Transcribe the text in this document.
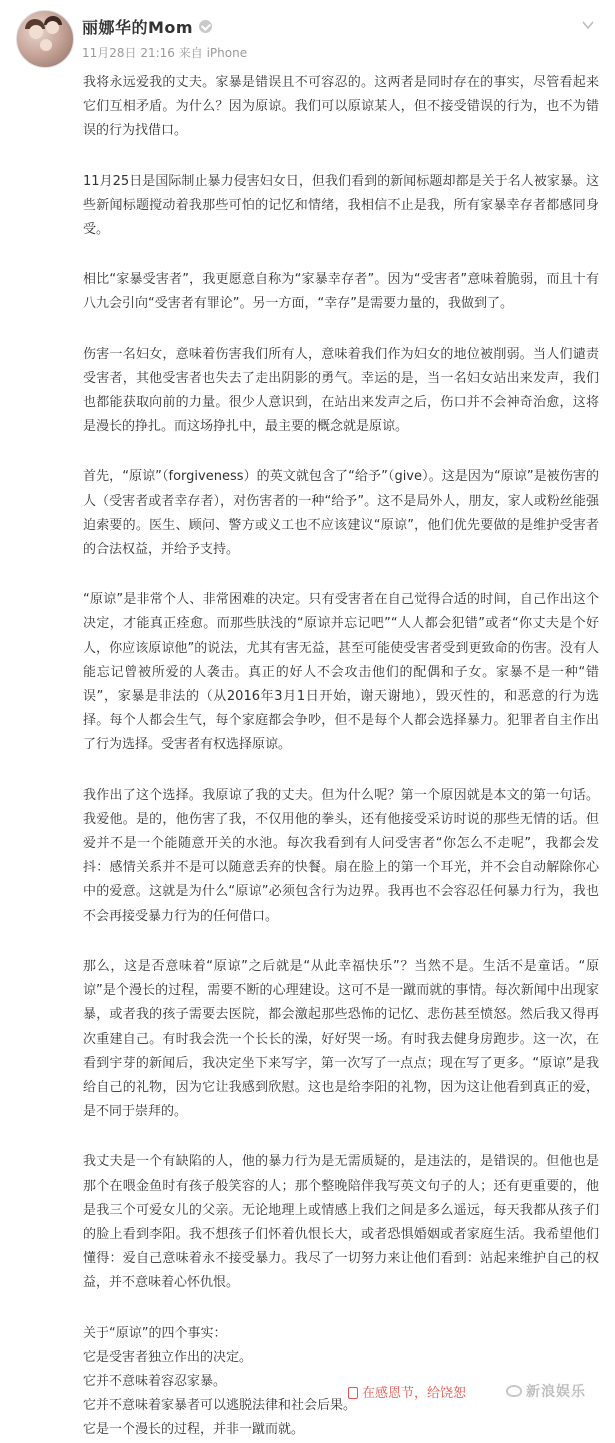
丽娜华的Mom
11月28日 21:16 来自 iPhone

我将永远爱我的丈夫。家暴是错误且不可容忍的。这两者是同时存在的事实，尽管看起来它们互相矛盾。为什么？因为原谅。我们可以原谅某人，但不接受错误的行为，也不为错误的行为找借口。

11月25日是国际制止暴力侵害妇女日，但我们看到的新闻标题却都是关于名人被家暴。这些新闻标题搅动着我那些可怕的记忆和情绪，我相信不止是我，所有家暴幸存者都感同身受。

相比“家暴受害者”，我更愿意自称为“家暴幸存者”。因为“受害者”意味着脆弱，而且十有八九会引向“受害者有罪论”。另一方面，“幸存”是需要力量的，我做到了。

伤害一名妇女，意味着伤害我们所有人，意味着我们作为妇女的地位被削弱。当人们谴责受害者，其他受害者也失去了走出阴影的勇气。幸运的是，当一名妇女站出来发声，我们也都能获取向前的力量。很少人意识到，在站出来发声之后，伤口并不会神奇治愈，这将是漫长的挣扎。而这场挣扎中，最主要的概念就是原谅。

首先，“原谅”（forgiveness）的英文就包含了“给予”（give）。这是因为“原谅”是被伤害的人（受害者或者幸存者），对伤害者的一种“给予”。这不是局外人，朋友，家人或粉丝能强迫索要的。医生、顾问、警方或义工也不应该建议“原谅”，他们优先要做的是维护受害者的合法权益，并给予支持。

“原谅”是非常个人、非常困难的决定。只有受害者在自己觉得合适的时间，自己作出这个决定，才能真正痊愈。而那些肤浅的“原谅并忘记吧”“人人都会犯错”或者“你丈夫是个好人，你应该原谅他”的说法，尤其有害无益，甚至可能使受害者受到更致命的伤害。没有人能忘记曾被所爱的人袭击。真正的好人不会攻击他们的配偶和子女。家暴不是一种“错误”，家暴是非法的（从2016年3月1日开始，谢天谢地），毁灭性的，和恶意的行为选择。每个人都会生气，每个家庭都会争吵，但不是每个人都会选择暴力。犯罪者自主作出了行为选择。受害者有权选择原谅。

我作出了这个选择。我原谅了我的丈夫。但为什么呢？第一个原因就是本文的第一句话。我爱他。是的，他伤害了我，不仅用他的拳头，还有他接受采访时说的那些无情的话。但爱并不是一个能随意开关的水池。每次我看到有人问受害者“你怎么不走呢”，我都会发抖：感情关系并不是可以随意丢弃的快餐。扇在脸上的第一个耳光，并不会自动解除你心中的爱意。这就是为什么“原谅”必须包含行为边界。我再也不会容忍任何暴力行为，我也不会再接受暴力行为的任何借口。

那么，这是否意味着“原谅”之后就是“从此幸福快乐”？当然不是。生活不是童话。“原谅”是个漫长的过程，需要不断的心理建设。这可不是一蹴而就的事情。每次新闻中出现家暴，或者我的孩子需要去医院，都会激起那些恐怖的记忆、悲伤甚至愤怒。然后我又得再次重建自己。有时我会洗一个长长的澡，好好哭一场。有时我去健身房跑步。这一次，在看到宇芽的新闻后，我决定坐下来写字，第一次写了一点点；现在写了更多。“原谅”是我给自己的礼物，因为它让我感到欣慰。这也是给李阳的礼物，因为这让他看到真正的爱，是不同于崇拜的。

我丈夫是一个有缺陷的人，他的暴力行为是无需质疑的，是违法的，是错误的。但他也是那个在喂金鱼时有孩子般笑容的人；那个整晚陪伴我写英文句子的人；还有更重要的，他是我三个可爱女儿的父亲。无论地理上或情感上我们之间是多么遥远，每天我都从孩子们的脸上看到李阳。我不想孩子们怀着仇恨长大，或者恐惧婚姻或者家庭生活。我希望他们懂得：爱自己意味着永不接受暴力。我尽了一切努力来让他们看到：站起来维护自己的权益，并不意味着心怀仇恨。

关于“原谅”的四个事实：

它是受害者独立作出的决定。

它并不意味着容忍家暴。

它并不意味着家暴者可以逃脱法律和社会后果。

它是一个漫长的过程，并非一蹴而就。

在感恩节，给饶恕	新浪娱乐
